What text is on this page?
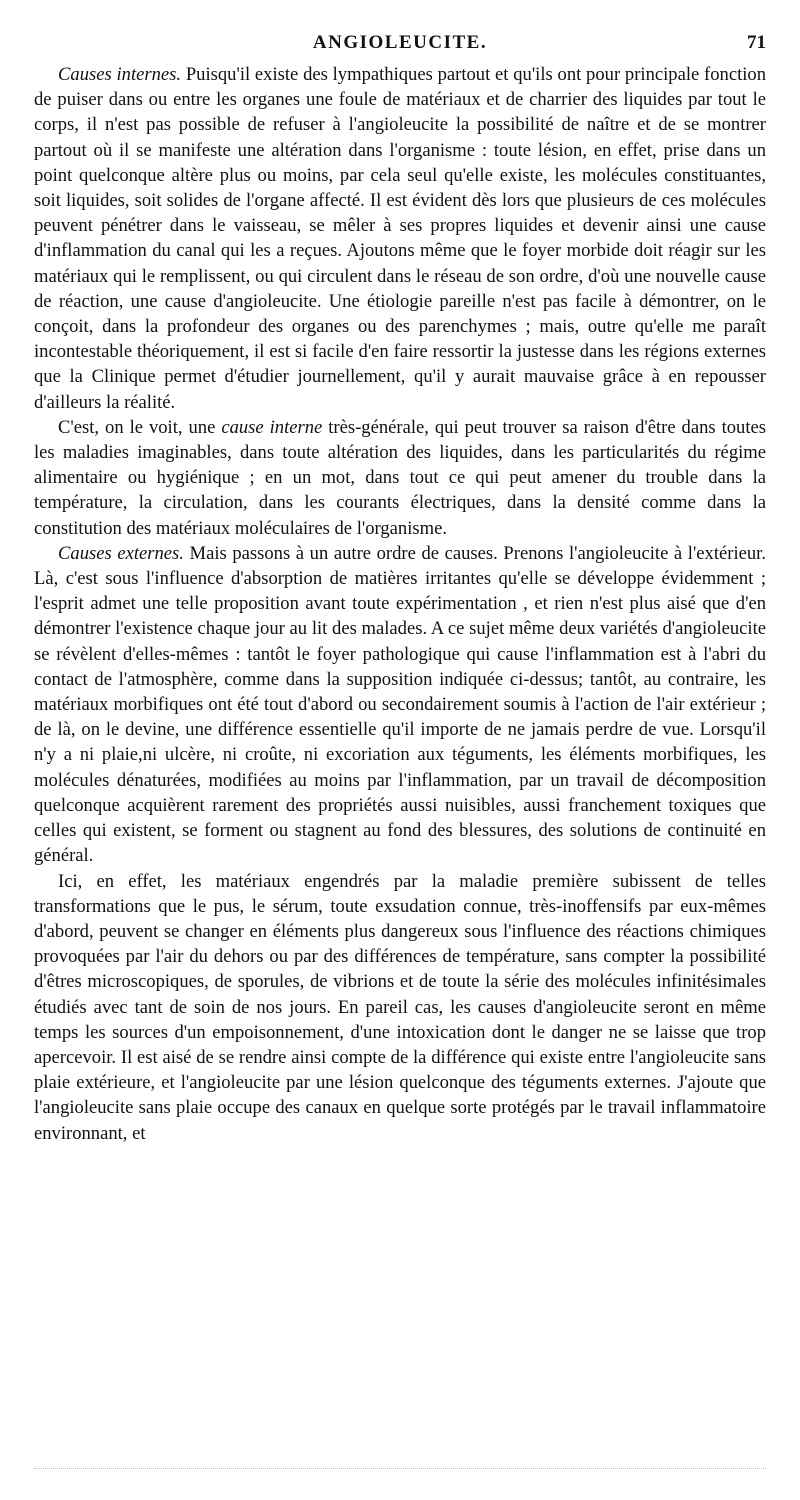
ANGIOLEUCITE.	71

Causes internes. Puisqu'il existe des lympathiques partout et qu'ils ont pour principale fonction de puiser dans ou entre les organes une foule de matériaux et de charrier des liquides par tout le corps, il n'est pas possible de refuser à l'angioleucite la possibilité de naître et de se montrer partout où il se manifeste une altération dans l'organisme : toute lésion, en effet, prise dans un point quelconque altère plus ou moins, par cela seul qu'elle existe, les molécules constituantes, soit liquides, soit solides de l'organe affecté. Il est évident dès lors que plusieurs de ces molécules peuvent pénétrer dans le vaisseau, se mêler à ses propres liquides et devenir ainsi une cause d'inflammation du canal qui les a reçues. Ajoutons même que le foyer morbide doit réagir sur les matériaux qui le remplissent, ou qui circulent dans le réseau de son ordre, d'où une nouvelle cause de réaction, une cause d'angioleucite. Une étiologie pareille n'est pas facile à démontrer, on le conçoit, dans la profondeur des organes ou des parenchymes ; mais, outre qu'elle me paraît incontestable théoriquement, il est si facile d'en faire ressortir la justesse dans les régions externes que la Clinique permet d'étudier journellement, qu'il y aurait mauvaise grâce à en repousser d'ailleurs la réalité.

C'est, on le voit, une cause interne très-générale, qui peut trouver sa raison d'être dans toutes les maladies imaginables, dans toute altération des liquides, dans les particularités du régime alimentaire ou hygiénique ; en un mot, dans tout ce qui peut amener du trouble dans la température, la circulation, dans les courants électriques, dans la densité comme dans la constitution des matériaux moléculaires de l'organisme.

Causes externes. Mais passons à un autre ordre de causes. Prenons l'angioleucite à l'extérieur. Là, c'est sous l'influence d'absorption de matières irritantes qu'elle se développe évidemment ; l'esprit admet une telle proposition avant toute expérimentation , et rien n'est plus aisé que d'en démontrer l'existence chaque jour au lit des malades. A ce sujet même deux variétés d'angioleucite se révèlent d'elles-mêmes : tantôt le foyer pathologique qui cause l'inflammation est à l'abri du contact de l'atmosphère, comme dans la supposition indiquée ci-dessus; tantôt, au contraire, les matériaux morbifiques ont été tout d'abord ou secondairement soumis à l'action de l'air extérieur ; de là, on le devine, une différence essentielle qu'il importe de ne jamais perdre de vue. Lorsqu'il n'y a ni plaie,ni ulcère, ni croûte, ni excoriation aux téguments, les éléments morbifiques, les molécules dénaturées, modifiées au moins par l'inflammation, par un travail de décomposition quelconque acquièrent rarement des propriétés aussi nuisibles, aussi franchement toxiques que celles qui existent, se forment ou stagnent au fond des blessures, des solutions de continuité en général.

Ici, en effet, les matériaux engendrés par la maladie première subissent de telles transformations que le pus, le sérum, toute exsudation connue, très-inoffensifs par eux-mêmes d'abord, peuvent se changer en éléments plus dangereux sous l'influence des réactions chimiques provoquées par l'air du dehors ou par des différences de température, sans compter la possibilité d'êtres microscopiques, de sporules, de vibrions et de toute la série des molécules infinitésimales étudiés avec tant de soin de nos jours. En pareil cas, les causes d'angioleucite seront en même temps les sources d'un empoisonnement, d'une intoxication dont le danger ne se laisse que trop apercevoir. Il est aisé de se rendre ainsi compte de la différence qui existe entre l'angioleucite sans plaie extérieure, et l'angioleucite par une lésion quelconque des téguments externes. J'ajoute que l'angioleucite sans plaie occupe des canaux en quelque sorte protégés par le travail inflammatoire environnant, et
